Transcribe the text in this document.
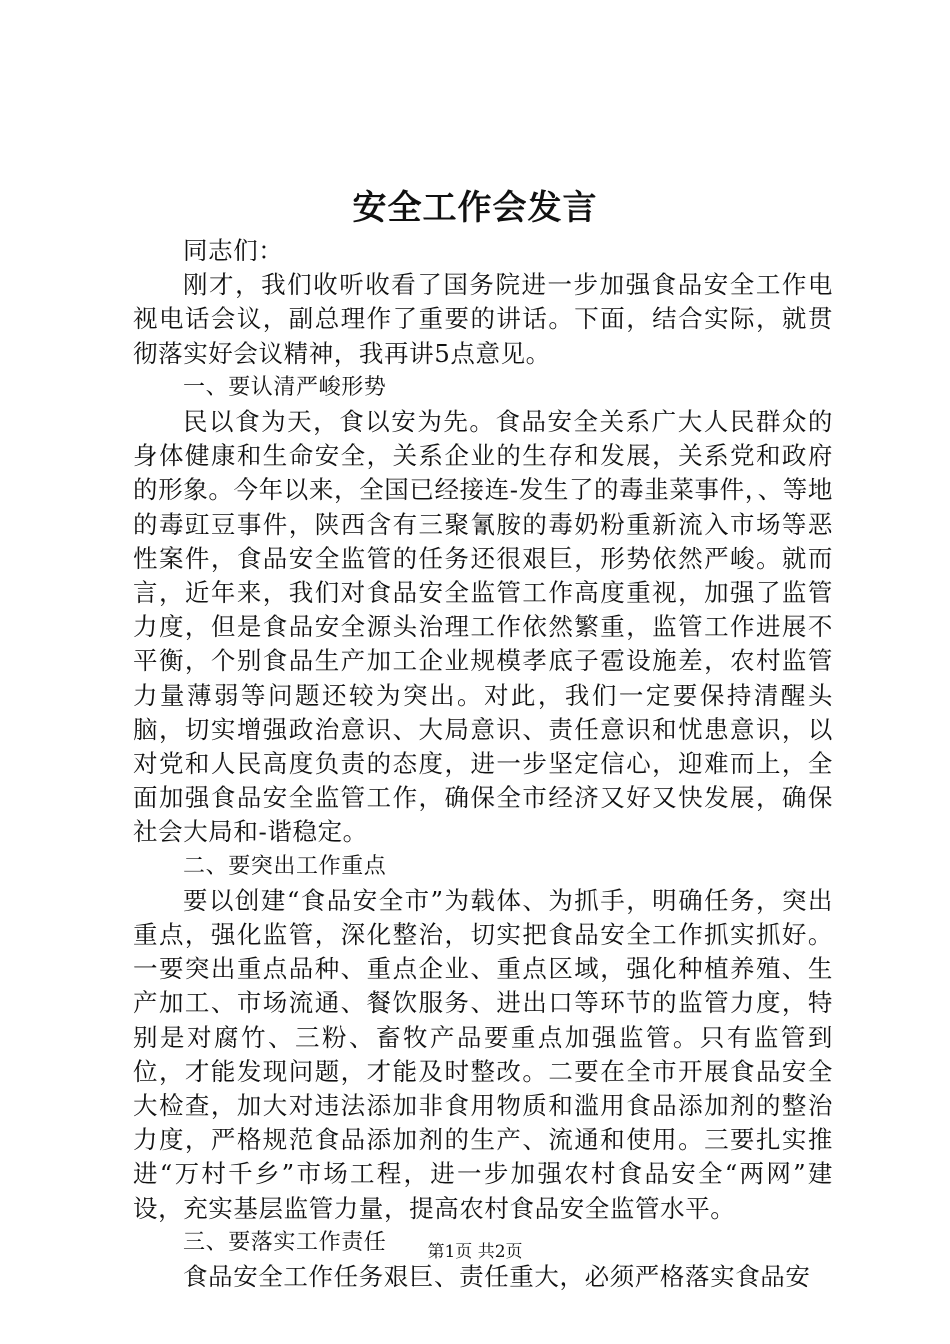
安全工作会发言

同志们：

刚才，我们收听收看了国务院进一步加强食品安全工作电视电话会议，副总理作了重要的讲话。下面，结合实际，就贯彻落实好会议精神，我再讲5点意见。

一、要认清严峻形势

民以食为天，食以安为先。食品安全关系广大人民群众的身体健康和生命安全，关系企业的生存和发展，关系党和政府的形象。今年以来，全国已经接连-发生了的毒韭菜事件，、等地的毒豇豆事件，陕西含有三聚氰胺的毒奶粉重新流入市场等恶性案件，食品安全监管的任务还很艰巨，形势依然严峻。就而言，近年来，我们对食品安全监管工作高度重视，加强了监管力度，但是食品安全源头治理工作依然繁重，监管工作进展不平衡，个别食品生产加工企业规模孝底子雹设施差，农村监管力量薄弱等问题还较为突出。对此，我们一定要保持清醒头脑，切实增强政治意识、大局意识、责任意识和忧患意识，以对党和人民高度负责的态度，进一步坚定信心，迎难而上，全面加强食品安全监管工作，确保全市经济又好又快发展，确保社会大局和-谐稳定。

二、要突出工作重点

要以创建“食品安全市”为载体、为抓手，明确任务，突出重点，强化监管，深化整治，切实把食品安全工作抓实抓好。一要突出重点品种、重点企业、重点区域，强化种植养殖、生产加工、市场流通、餐饮服务、进出口等环节的监管力度，特别是对腐竹、三粉、畜牧产品要重点加强监管。只有监管到位，才能发现问题，才能及时整改。二要在全市开展食品安全大检查，加大对违法添加非食用物质和滥用食品添加剂的整治力度，严格规范食品添加剂的生产、流通和使用。三要扎实推进“万村千乡”市场工程，进一步加强农村食品安全“两网”建设，充实基层监管力量，提高农村食品安全监管水平。

三、要落实工作责任

食品安全工作任务艰巨、责任重大，必须严格落实食品安

第1页 共2页
